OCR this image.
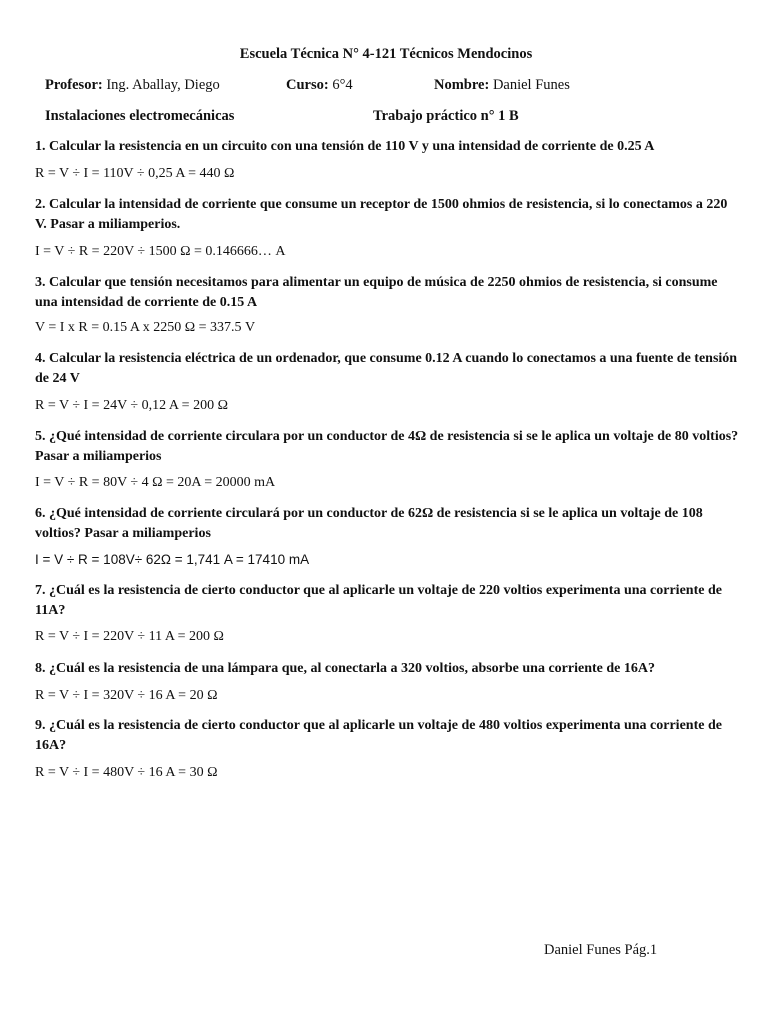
Escuela Técnica N° 4-121 Técnicos Mendocinos
Profesor: Ing. Aballay, Diego	Curso: 6°4	Nombre: Daniel Funes
Instalaciones electromecánicas	Trabajo práctico n° 1 B
1. Calcular la resistencia en un circuito con una tensión de 110 V y una intensidad de corriente de 0.25 A
R = V ÷ I = 110V ÷ 0,25 A = 440 Ω
2. Calcular la intensidad de corriente que consume un receptor de 1500 ohmios de resistencia, si lo conectamos a 220 V. Pasar a miliamperios.
I = V ÷ R = 220V ÷ 1500 Ω = 0.146666… A
3. Calcular que tensión necesitamos para alimentar un equipo de música de 2250 ohmios de resistencia, si consume una intensidad de corriente de 0.15 A
V = I x R = 0.15 A x 2250 Ω = 337.5 V
4. Calcular la resistencia eléctrica de un ordenador, que consume 0.12 A cuando lo conectamos a una fuente de tensión de 24 V
R = V ÷ I = 24V ÷ 0,12 A = 200 Ω
5. ¿Qué intensidad de corriente circulara por un conductor de 4Ω de resistencia si se le aplica un voltaje de 80 voltios? Pasar a miliamperios
I = V ÷ R = 80V ÷ 4 Ω = 20A = 20000 mA
6. ¿Qué intensidad de corriente circulará por un conductor de 62Ω de resistencia si se le aplica un voltaje de 108 voltios? Pasar a miliamperios
I = V ÷ R = 108V÷ 62Ω = 1,741 A = 17410 mA
7. ¿Cuál es la resistencia de cierto conductor que al aplicarle un voltaje de 220 voltios experimenta una corriente de 11A?
R = V ÷ I = 220V ÷ 11 A = 200 Ω
8. ¿Cuál es la resistencia de una lámpara que, al conectarla a 320 voltios, absorbe una corriente de 16A?
R = V ÷ I = 320V ÷ 16 A = 20 Ω
9. ¿Cuál es la resistencia de cierto conductor que al aplicarle un voltaje de 480 voltios experimenta una corriente de 16A?
R = V ÷ I = 480V ÷ 16 A = 30 Ω
Daniel Funes Pág.1
